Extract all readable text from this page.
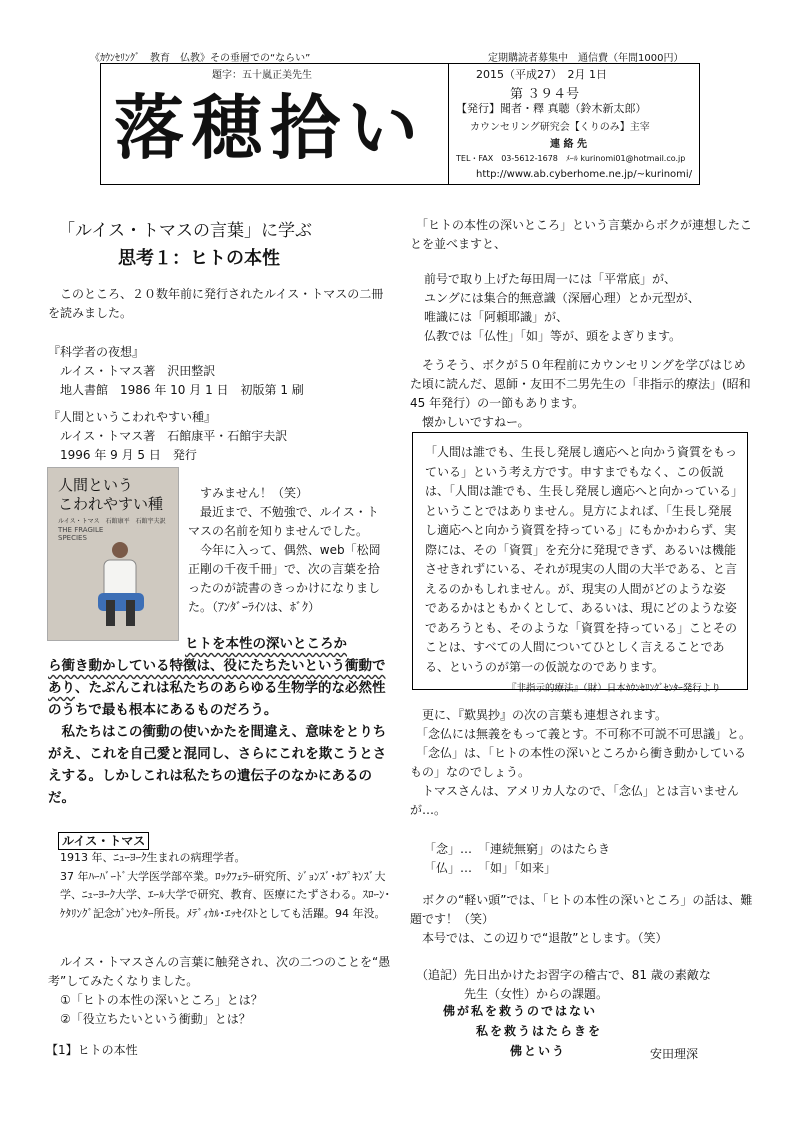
《ｶｳﾝｾﾘﾝｸﾞ　教育　仏教》その垂層での“ならい”	定期購読者募集中　通信費（年間1000円）
題字：五十嵐正美先生
落穂拾い
2015（平成27）　2月 1日
第 ３９４号
【発行】聞者・釋 真聴（鈴木新太郎）
カウンセリング研究会【くりのみ】主宰
連 絡 先
TEL・FAX　03-5612-1678　ﾒｰﾙ kurinomi01@hotmail.co.jp
http://www.ab.cyberhome.ne.jp/~kurinomi/
「ルイス・トマスの言葉」に学ぶ
思考１：ヒトの本性
　このところ、２０数年前に発行されたルイス・トマスの二冊を読みました。
『科学者の夜想』
　ルイス・トマス著　沢田整訳
　地人書館　1986 年 10 月 1 日　初版第 1 刷
『人間というこわれやすい種』
　ルイス・トマス著　石館康平・石館宇夫訳
　1996 年 9 月 5 日　発行
人間という
こわれやすい種
ルイス・トマス　石館康平　石館宇夫訳
THE FRAGILE
SPECIES
　すみません！（笑）
　最近まで、不勉強で、ルイス・トマスの名前を知りませんでした。
　今年に入って、偶然、web「松岡正剛の千夜千冊」で、次の言葉を拾ったのが読書のきっかけになりました。（ｱﾝﾀﾞｰﾗｲﾝは、ﾎﾞｸ）
ヒトを本性の深いところか
ら衝き動かしている特徴は、役にたちたいという衝動であり、たぶんこれは私たちのあらゆる生物学的な必然性のうちで最も根本にあるものだろう。
　私たちはこの衝動の使いかたを間違え、意味をとりちがえ、これを自己愛と混同し、さらにこれを欺こうとさえする。しかしこれは私たちの遺伝子のなかにあるのだ。
ルイス・トマス
1913 年、ﾆｭｰﾖｰｸ生まれの病理学者。
37 年ﾊｰﾊﾞｰﾄﾞ大学医学部卒業。ﾛｯｸﾌｪﾗｰ研究所、ｼﾞｮﾝｽﾞ･ﾎﾌﾟｷﾝｽﾞ大学、ﾆｭｰﾖｰｸ大学、ｴｰﾙ大学で研究、教育、医療にたずさわる。ｽﾛｰﾝ･ｹﾀﾘﾝｸﾞ記念ｶﾞﾝｾﾝﾀｰ所長。ﾒﾃﾞｨｶﾙ･ｴｯｾｲｽﾄとしても活躍。94 年没。
　ルイス・トマスさんの言葉に触発され、次の二つのことを“愚考”してみたくなりました。
①「ヒトの本性の深いところ」とは？
②「役立ちたいという衝動」とは？
【1】ヒトの本性
　「ヒトの本性の深いところ」という言葉からボクが連想したことを並べますと、
前号で取り上げた毎田周一には「平常底」が、
ユングには集合的無意識（深層心理）とか元型が、
唯識には「阿頼耶識」が、
仏教では「仏性」「如」等が、頭をよぎります。
　そうそう、ボクが５０年程前にカウンセリングを学びはじめた頃に読んだ、恩師・友田不二男先生の「非指示的療法」(昭和 45 年発行）の一節もあります。
　懐かしいですねー。
「人間は誰でも、生長し発展し適応へと向かう資質をもっている」という考え方です。申すまでもなく、この仮説は、「人間は誰でも、生長し発展し適応へと向かっている」ということではありません。見方によれば、「生長し発展し適応へと向かう資質を持っている」にもかかわらず、実際には、その「資質」を充分に発現できず、あるいは機能させきれずにいる、それが現実の人間の大半である、と言えるのかもしれません。が、現実の人間がどのような姿であるかはともかくとして、あるいは、現にどのような姿であろうとも、そのような「資質を持っている」ことそのことは、すべての人間についてひとしく言えることである、というのが第一の仮説なのであります。
『非指示的療法』（財）日本ｶｳﾝｾﾘﾝｸﾞｾﾝﾀｰ発行より
　更に、『歎異抄』の次の言葉も連想されます。
　「念仏には無義をもって義とす。不可称不可説不可思議」と。
　「念仏」は、「ヒトの本性の深いところから衝き動かしているもの」なのでしょう。
　トマスさんは、アメリカ人なので、「念仏」とは言いませんが…。
「念」…　「連続無窮」のはたらき
「仏」…　「如」「如来」
　ボクの“軽い頭”では、「ヒトの本性の深いところ」の話は、難題です！（笑）
　本号では、この辺りで“退散”とします。（笑）
（追記）先日出かけたお習字の稽古で、81 歳の素敵な
　　　　先生（女性）からの課題。
佛が私を救うのではない
私を救うはたらきを
佛という	安田理深
